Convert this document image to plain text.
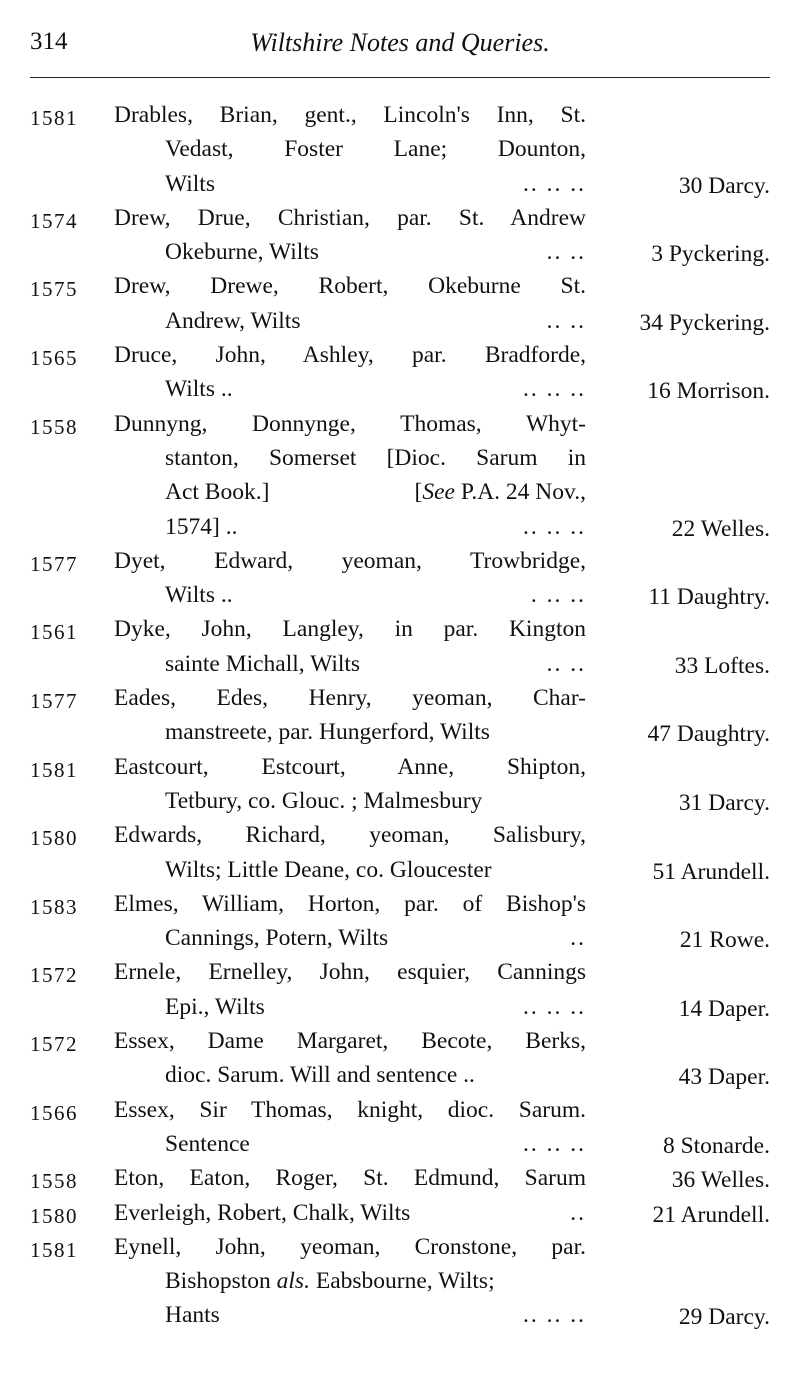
314	Wiltshire Notes and Queries.
1581 Drables, Brian, gent., Lincoln's Inn, St.
Vedast, Foster Lane; Dounton,
Wilts	.. .. ..	30 Darcy.
1574 Drew, Drue, Christian, par. St. Andrew
Okeburne, Wilts	.. ..	3 Pyckering.
1575 Drew, Drewe, Robert, Okeburne St.
Andrew, Wilts	.. .. 34 Pyckering.
1565 Druce, John, Ashley, par. Bradforde,
Wilts ..	.. .. ..	16 Morrison.
1558 Dunnyng, Donnynge, Thomas, Whyt-
stanton, Somerset [Dioc. Sarum in
Act Book.]	[See P.A. 24 Nov.,
1574] ..	.. .. ..	22 Welles.
1577 Dyet, Edward, yeoman, Trowbridge,
Wilts ..	. .. ..	11 Daughtry.
1561 Dyke, John, Langley, in par. Kington
sainte Michall, Wilts	.. ..	33 Loftes.
1577 Eades, Edes, Henry, yeoman, Char-
manstreete, par. Hungerford, Wilts	47 Daughtry.
1581 Eastcourt, Estcourt, Anne, Shipton,
Tetbury, co. Glouc. ; Malmesbury	31 Darcy.
1580 Edwards, Richard, yeoman, Salisbury,
Wilts; Little Deane, co. Gloucester	51 Arundell.
1583 Elmes, William, Horton, par. of Bishop's
Cannings, Potern, Wilts	..	21 Rowe.
1572 Ernele, Ernelley, John, esquier, Cannings
Epi., Wilts	.. .. ..	14 Daper.
1572 Essex, Dame Margaret, Becote, Berks,
dioc. Sarum. Will and sentence ..	43 Daper.
1566 Essex, Sir Thomas, knight, dioc. Sarum.
Sentence	.. .. ..	8 Stonarde.
1558 Eton, Eaton, Roger, St. Edmund, Sarum	36 Welles.
1580 Everleigh, Robert, Chalk, Wilts	..	21 Arundell.
1581 Eynell, John, yeoman, Cronstone, par.
Bishopston als. Eabsbourne, Wilts;
Hants	.. .. ..	29 Darcy.
